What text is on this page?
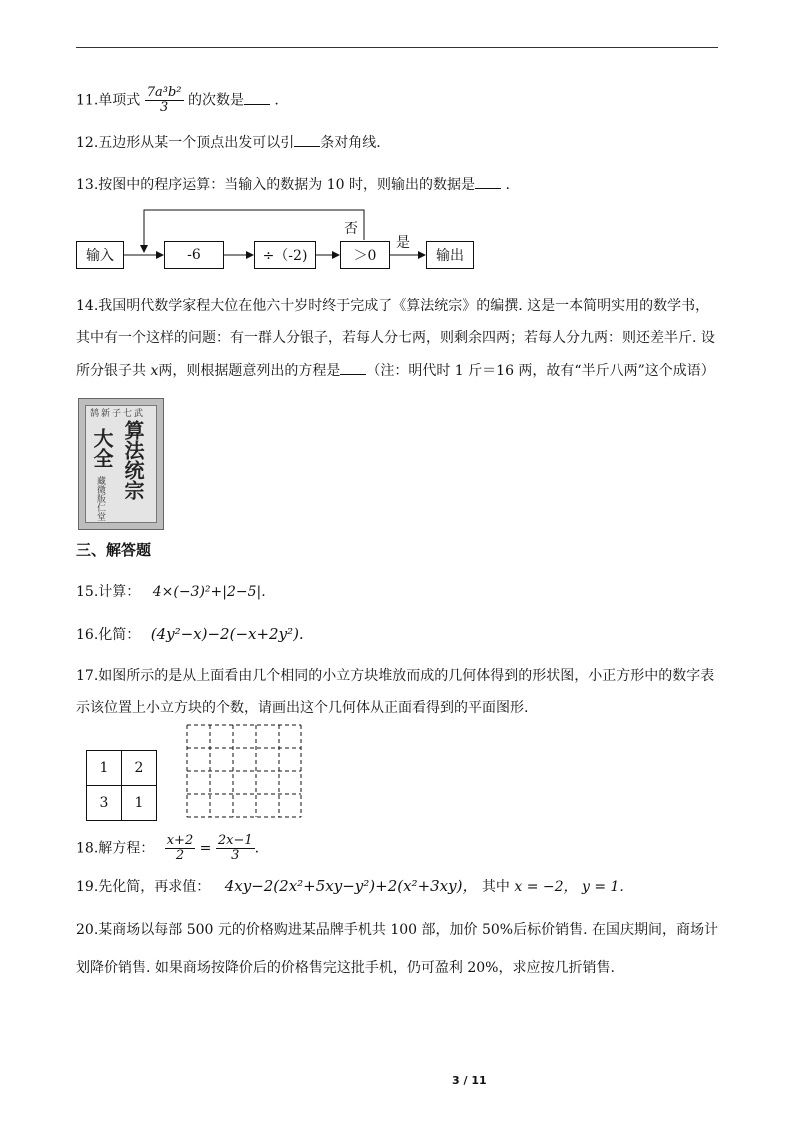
11.单项式 $\frac{\text{7a³b²}}{3}$ 的次数是 .
12.五边形从某一个顶点出发可以引 条对角线.
13.按图中的程序运算：当输入的数据为 10 时，则输出的数据是 .
输入	-6	÷（-2)	＞0	输出
否
是
14.我国明代数学家程大位在他六十岁时终于完成了《算法统宗》的编撰. 这是一本简明实用的数学书，
其中有一个这样的问题：有一群人分银子，若每人分七两，则剩余四两；若每人分九两：则还差半斤. 设
所分银子共 x两，则根据题意列出的方程是 （注：明代时 1 斤＝16 两，故有“半斤八两”这个成语）
鹄新子七武
大全 算法统宗
藏微版仁堂
三、解答题
15.计算： 4×(−3)²+|2−5|.
16.化简： (4y²−x)−2(−x+2y²).
17.如图所示的是从上面看由几个相同的小立方块堆放而成的几何体得到的形状图，小正方形中的数字表
示该位置上小立方块的个数，请画出这个几何体从正面看得到的平面图形.
1	2
3	1
18.解方程： $\frac{x+2}{2} = \frac{2x-1}{3}$ .
19.先化简，再求值： 4xy−2(2x²+5xy−y²)+2(x²+3xy)， 其中 x = −2， y = 1.
20.某商场以每部 500 元的价格购进某品牌手机共 100 部，加价 50%后标价销售. 在国庆期间，商场计
划降价销售. 如果商场按降价后的价格售完这批手机，仍可盈利 20%，求应按几折销售.
3 / 11
